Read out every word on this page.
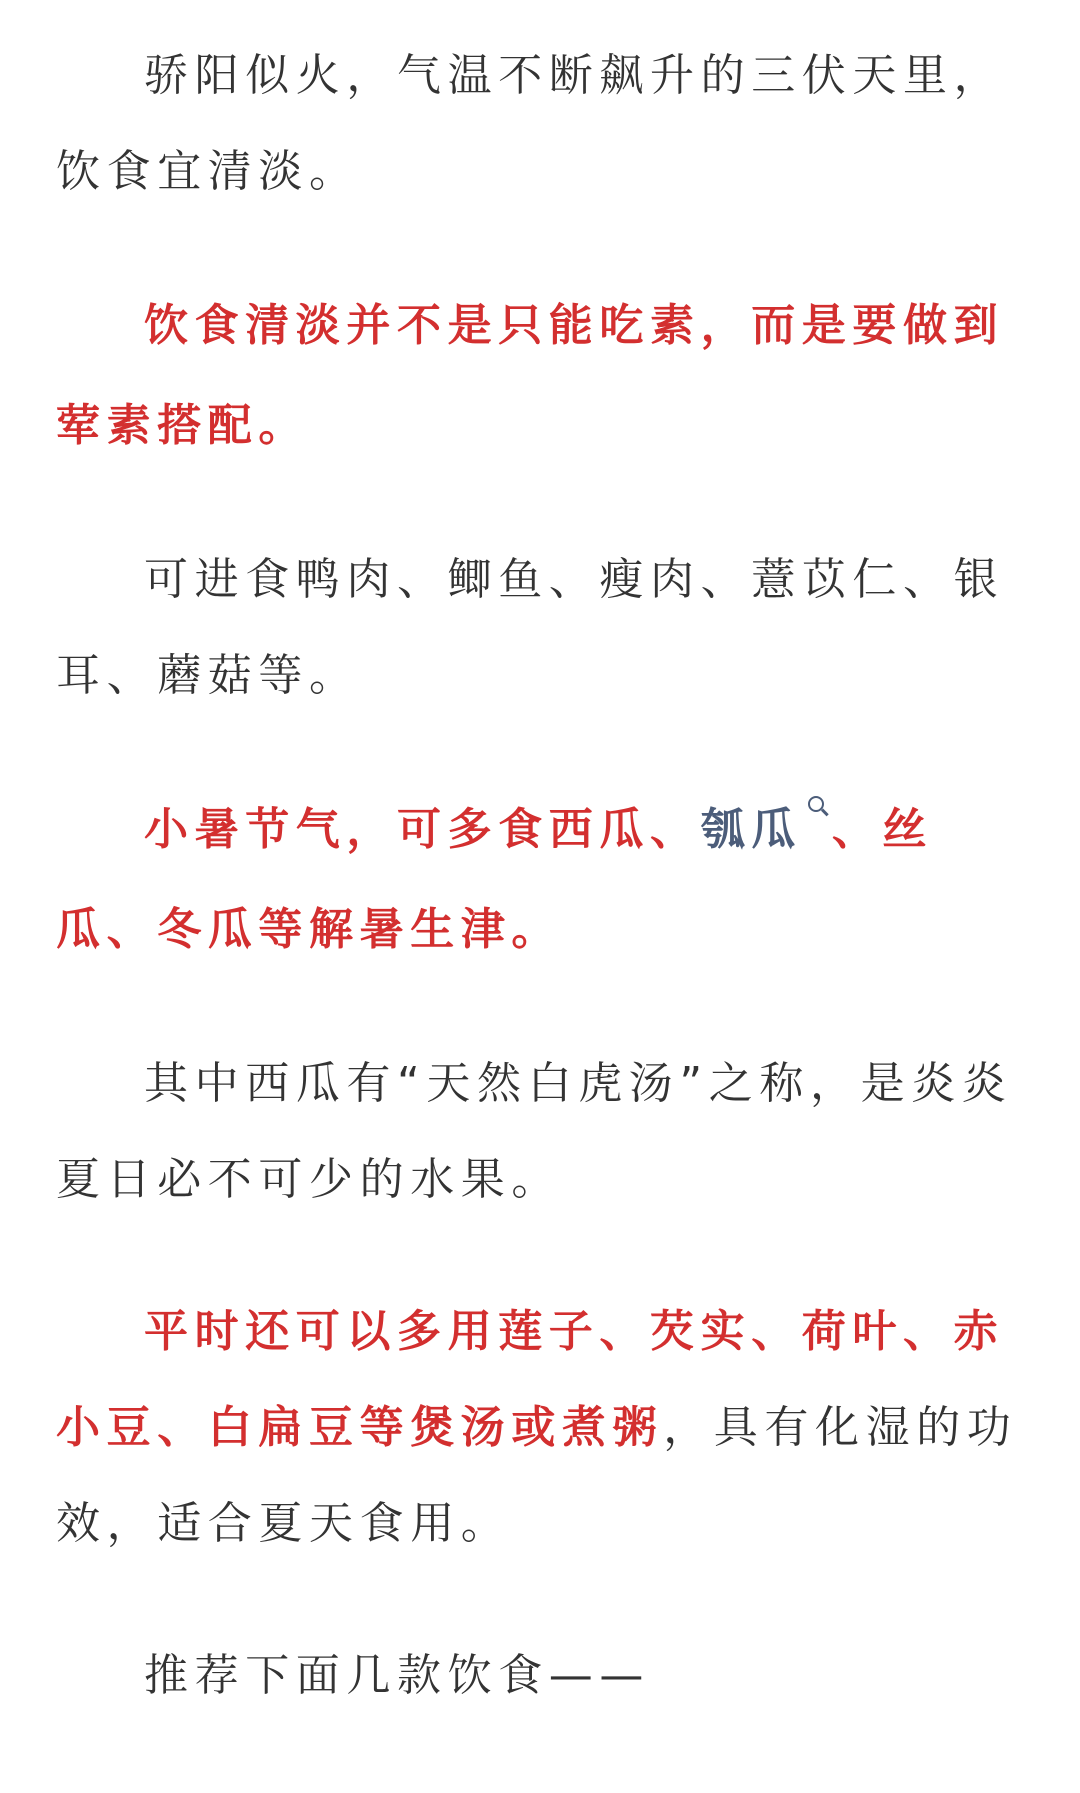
骄阳似火，气温不断飙升的三伏天里，饮食宜清淡。

饮食清淡并不是只能吃素，而是要做到荤素搭配。

可进食鸭肉、鲫鱼、瘦肉、薏苡仁、银耳、蘑菇等。

小暑节气，可多食西瓜、瓠瓜 、丝瓜、冬瓜等解暑生津。

其中西瓜有“天然白虎汤”之称，是炎炎夏日必不可少的水果。

平时还可以多用莲子、芡实、荷叶、赤小豆、白扁豆等煲汤或煮粥，具有化湿的功效，适合夏天食用。

推荐下面几款饮食——
